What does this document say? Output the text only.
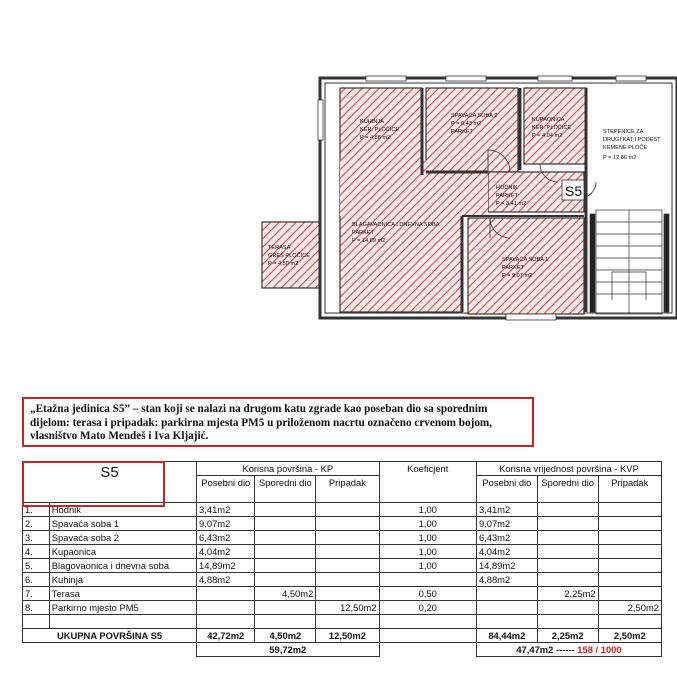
KUHINJA
KER. PLOČICE
P = 4,88 m2
SPAVAĆA SOBA 2
P = 6,43 m2
PARKET
KUPAONICA
KER. PLOČICE
P = 4,04 m2
HODNIK
PARKET
P = 3,41 m2
BLAGAVAONICA I DNEVNA SOBA
PARKET
P = 14,89 m2
TERASA
GRES PLOČICE
P = 4,50 m2
SPAVAĆA SOBA 1
PARKET
P = 9,07 m2
STEPENICE ZA
DRUGI KAT I PODEST
KEMENE PLOČE
P = 12,86 m2
S5
„Etažna jedinica S5” – stan koji se nalazi na drugom katu zgrade kao poseban dio sa sporednim dijelom: terasa i pripadak: parkirna mjesta PM5 u priloženom nacrtu označeno crvenom bojom, vlasništvo Mato Mendeš i Iva Kljajić.
S5		Korisna površina - KP			Koeficjent	Korisna vrijednost površina - KVP		
		Posebni dio	Sporedni dio	Pripadak		Posebni dio	Sporedni dio	Pripadak
1.	Hodnik	3,41m2			1,00	3,41m2		
2.	Spavaća soba 1	9,07m2			1,00	9,07m2		
3.	Spavaća soba 2	6,43m2			1,00	6,43m2		
4.	Kupaonica	4,04m2			1,00	4,04m2		
5.	Blagovaonica i dnevna soba	14,89m2			1,00	14,89m2		
6.	Kuhinja	4,88m2				4,88m2		
7.	Terasa		4,50m2		0,50		2,25m2	
8.	Parkirno mjesto PM5			12,50m2	0,20			2,50m2

UKUPNA POVRŠINA S5		42,72m2	4,50m2	12,50m2		84,44m2	2,25m2	2,50m2
		59,72m2				47,47m2 ------ 158 / 1000		
